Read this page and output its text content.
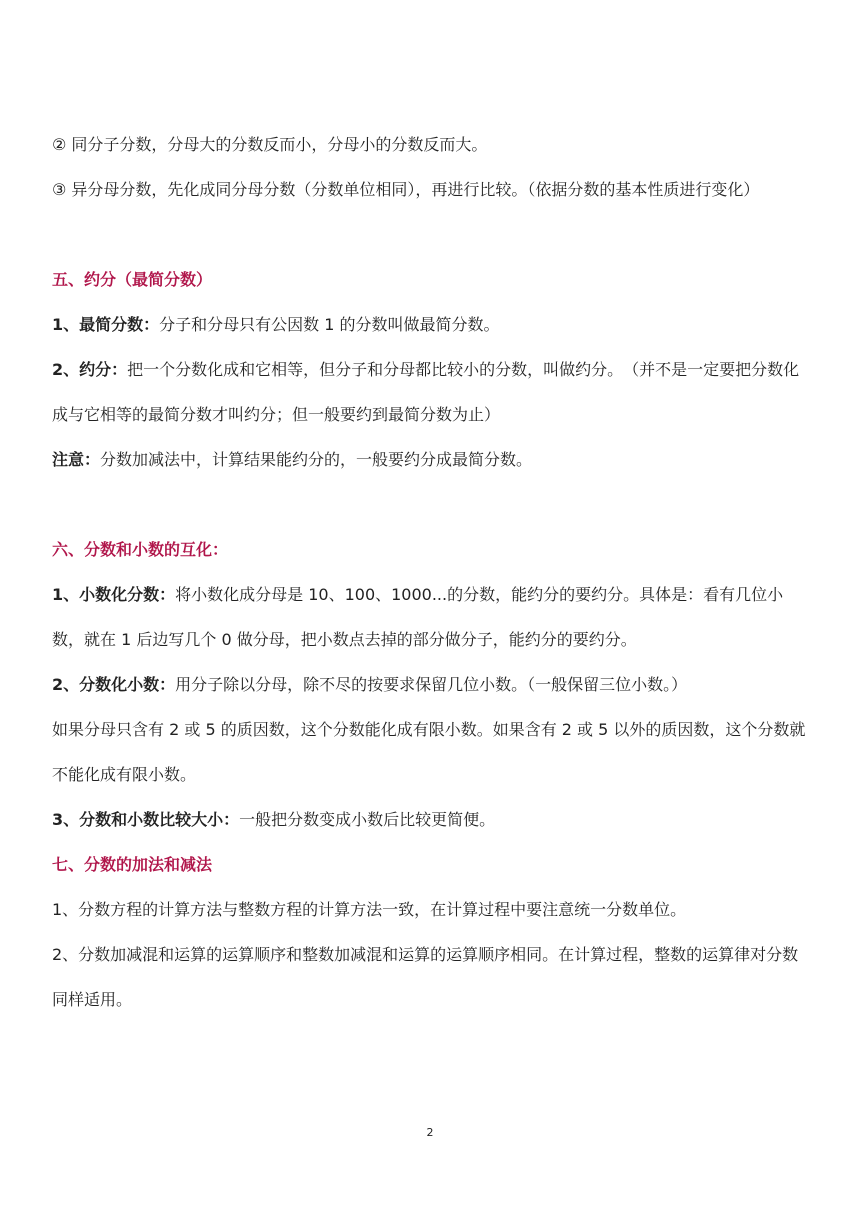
② 同分子分数，分母大的分数反而小，分母小的分数反而大。

③ 异分母分数，先化成同分母分数（分数单位相同），再进行比较。（依据分数的基本性质进行变化）

五、约分（最简分数）

1、最简分数：分子和分母只有公因数 1 的分数叫做最简分数。

2、约分：把一个分数化成和它相等，但分子和分母都比较小的分数，叫做约分。　（并不是一定要把分数化成与它相等的最简分数才叫约分；但一般要约到最简分数为止）

注意：分数加减法中，计算结果能约分的，一般要约分成最简分数。

六、分数和小数的互化：

1、小数化分数：将小数化成分母是 10、100、1000...的分数，能约分的要约分。具体是：看有几位小数，就在 1 后边写几个 0 做分母，把小数点去掉的部分做分子，能约分的要约分。

2、分数化小数：用分子除以分母，除不尽的按要求保留几位小数。（一般保留三位小数。）

如果分母只含有 2 或 5 的质因数，这个分数能化成有限小数。如果含有 2 或 5 以外的质因数，这个分数就不能化成有限小数。

3、分数和小数比较大小：一般把分数变成小数后比较更简便。

七、分数的加法和减法

1、分数方程的计算方法与整数方程的计算方法一致，在计算过程中要注意统一分数单位。

2、分数加减混和运算的运算顺序和整数加减混和运算的运算顺序相同。在计算过程，整数的运算律对分数同样适用。

2
